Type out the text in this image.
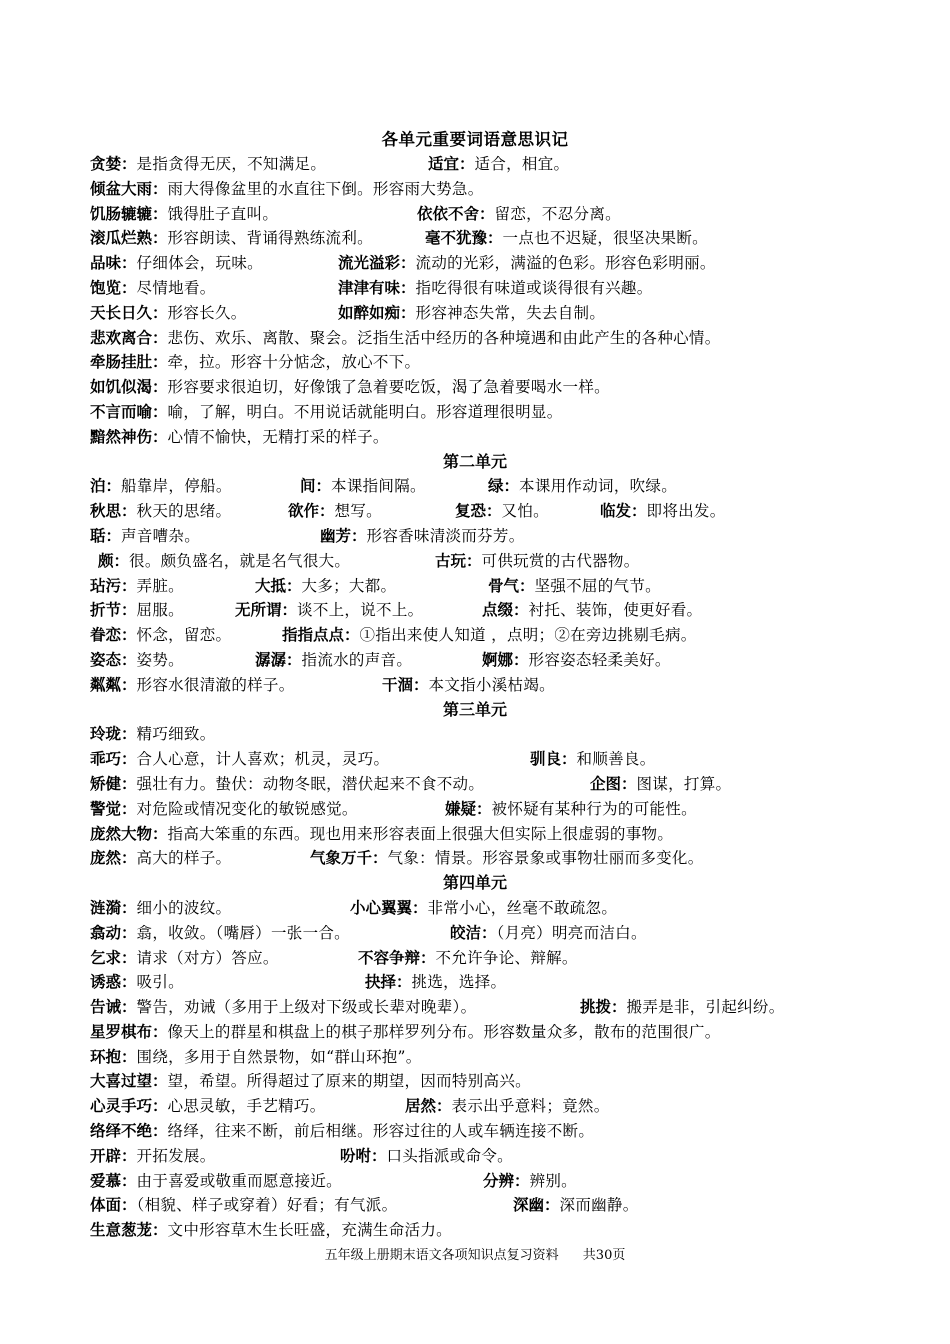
各单元重要词语意思识记
贪婪：是指贪得无厌，不知满足。	适宜：适合，相宜。
倾盆大雨：雨大得像盆里的水直往下倒。形容雨大势急。
饥肠辘辘：饿得肚子直叫。	依依不舍：留恋，不忍分离。
滚瓜烂熟：形容朗读、背诵得熟练流利。	毫不犹豫：一点也不迟疑，很坚决果断。
品味：仔细体会，玩味。	流光溢彩：流动的光彩，满溢的色彩。形容色彩明丽。
饱览：尽情地看。	津津有味：指吃得很有味道或谈得很有兴趣。
天长日久：形容长久。	如醉如痴：形容神态失常，失去自制。
悲欢离合：悲伤、欢乐、离散、聚会。泛指生活中经历的各种境遇和由此产生的各种心情。
牵肠挂肚：牵，拉。形容十分惦念，放心不下。
如饥似渴：形容要求很迫切，好像饿了急着要吃饭，渴了急着要喝水一样。
不言而喻：喻，了解，明白。不用说话就能明白。形容道理很明显。
黯然神伤：心情不愉快，无精打采的样子。
第二单元
泊：船靠岸，停船。	间：本课指间隔。	绿：本课用作动词，吹绿。
秋思：秋天的思绪。	欲作：想写。	复恐：又怕。	临发：即将出发。
聒：声音嘈杂。	幽芳：形容香味清淡而芬芳。
颇：很。颇负盛名，就是名气很大。	古玩：可供玩赏的古代器物。
玷污：弄脏。	大抵：大多；大都。	骨气：坚强不屈的气节。
折节：屈服。	无所谓：谈不上，说不上。	点缀：衬托、装饰，使更好看。
眷恋：怀念，留恋。	指指点点：①指出来使人知道 ，点明；②在旁边挑剔毛病。
姿态：姿势。	潺潺：指流水的声音。	婀娜：形容姿态轻柔美好。
粼粼：形容水很清澈的样子。	干涸：本文指小溪枯竭。
第三单元
玲珑：精巧细致。
乖巧：合人心意，计人喜欢；机灵，灵巧。	驯良：和顺善良。
矫健：强壮有力。蛰伏：动物冬眠，潜伏起来不食不动。	企图：图谋，打算。
警觉：对危险或情况变化的敏锐感觉。	嫌疑：被怀疑有某种行为的可能性。
庞然大物：指高大笨重的东西。现也用来形容表面上很强大但实际上很虚弱的事物。
庞然：高大的样子。	气象万千：气象：情景。形容景象或事物壮丽而多变化。
第四单元
涟漪：细小的波纹。	小心翼翼：非常小心，丝毫不敢疏忽。
翕动：翕，收敛。（嘴唇）一张一合。	皎洁：（月亮）明亮而洁白。
乞求：请求（对方）答应。	不容争辩：不允许争论、辩解。
诱惑：吸引。	抉择：挑选，选择。
告诫：警告，劝诫（多用于上级对下级或长辈对晚辈）。	挑拨：搬弄是非，引起纠纷。
星罗棋布：像天上的群星和棋盘上的棋子那样罗列分布。形容数量众多，散布的范围很广。
环抱：围绕，多用于自然景物，如“群山环抱”。
大喜过望：望，希望。所得超过了原来的期望，因而特别高兴。
心灵手巧：心思灵敏，手艺精巧。	居然：表示出乎意料；竟然。
络绎不绝：络绎，往来不断，前后相继。形容过往的人或车辆连接不断。
开辟：开拓发展。	吩咐：口头指派或命令。
爱慕：由于喜爱或敬重而愿意接近。	分辨：辨别。
体面：（相貌、样子或穿着）好看；有气派。	深幽：深而幽静。
生意葱茏：文中形容草木生长旺盛，充满生命活力。
五年级上册期末语文各项知识点复习资料 共30页
